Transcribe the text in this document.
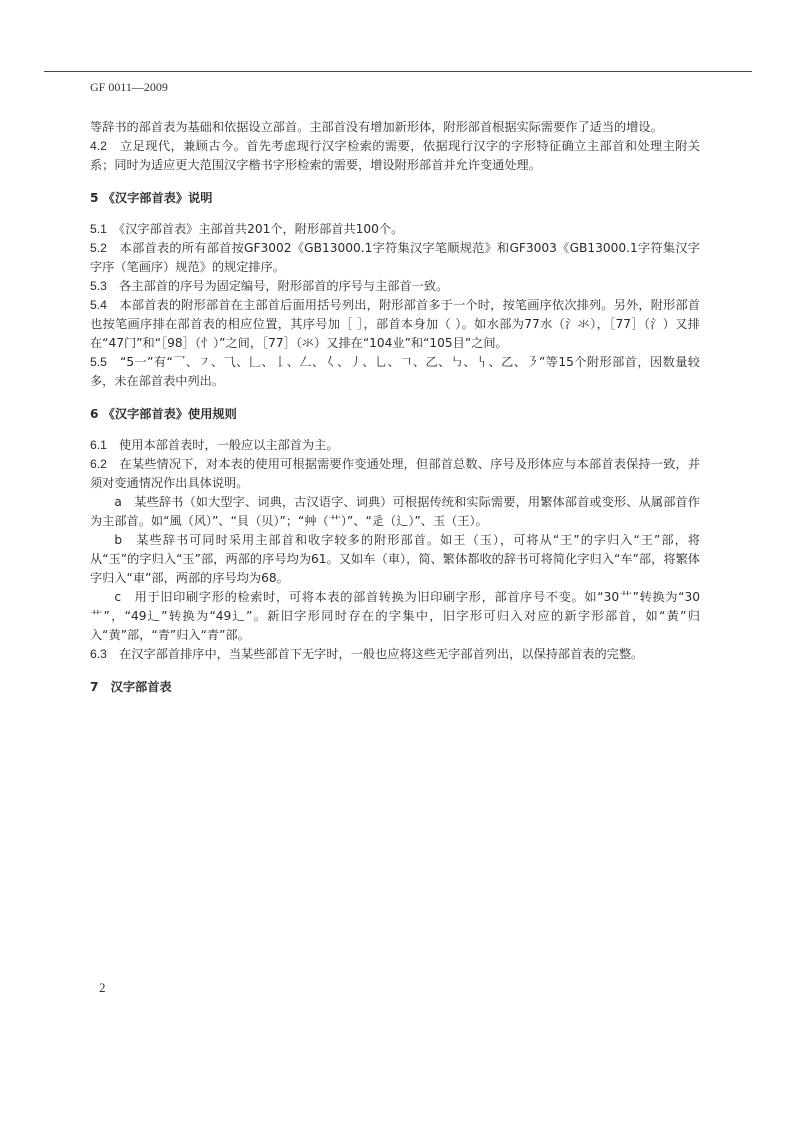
GF 0011—2009

等辞书的部首表为基础和依据设立部首。主部首没有增加新形体，附形部首根据实际需要作了适当的增设。

4.2　 立足现代，兼顾古今。首先考虑现行汉字检索的需要，依据现行汉字的字形特征确立主部首和处理主附关系；同时为适应更大范围汉字楷书字形检索的需要，增设附形部首并允许变通处理。

5 《汉字部首表》说明

5.1　 《汉字部首表》主部首共201个，附形部首共100个。

5.2　 本部首表的所有部首按GF3002《GB13000.1字符集汉字笔顺规范》和GF3003《GB13000.1字符集汉字字序（笔画序）规范》的规定排序。

5.3　 各主部首的序号为固定编号，附形部首的序号与主部首一致。

5.4　 本部首表的附形部首在主部首后面用括号列出，附形部首多于一个时，按笔画序依次排列。另外，附形部首也按笔画序排在部首表的相应位置，其序号加［ ］，部首本身加（ ）。如水部为77水（氵氺），［77］（氵）又排在“47门”和“［98］（忄）”之间，［77］（氺）又排在“104业”和“105目”之间。

5.5　 “5一”有“乛、㇇、⺄、𠃊、𠄌、𠃋、𡿨、丿、乚、𠃍、乙、㇉、𠃑、乙、㇋”等15个附形部首，因数量较多，未在部首表中列出。

6 《汉字部首表》使用规则

6.1　 使用本部首表时，一般应以主部首为主。

6.2　 在某些情况下，对本表的使用可根据需要作变通处理，但部首总数、序号及形体应与本部首表保持一致，并须对变通情况作出具体说明。

a　某些辞书（如大型字、词典，古汉语字、词典）可根据传统和实际需要，用繁体部首或变形、从属部首作为主部首。如“風（风）”、“貝（贝）”；“艸（艹）”、“辵（辶）”、玉（王）。

b　某些辞书可同时采用主部首和收字较多的附形部首。如王（玉），可将从“王”的字归入“王”部，将从“玉”的字归入“玉”部，两部的序号均为61。又如车（車），简、繁体都收的辞书可将简化字归入“车”部，将繁体字归入“車”部，两部的序号均为68。

c　用于旧印刷字形的检索时，可将本表的部首转换为旧印刷字形，部首序号不变。如“30艹”转换为“30艹”，“49辶”转换为“49辶”。新旧字形同时存在的字集中，旧字形可归入对应的新字形部首，如“黃”归入“黄”部，“青”归入“青”部。

6.3　 在汉字部首排序中，当某些部首下无字时，一般也应将这些无字部首列出，以保持部首表的完整。

7　汉字部首表

2
